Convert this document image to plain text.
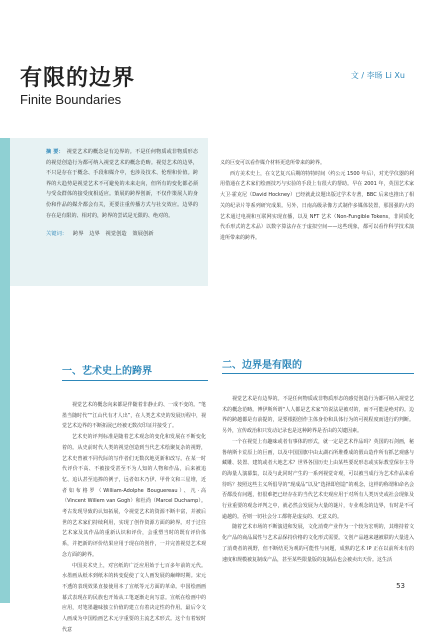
有限的边界	文 / 李旸 Li Xu
Finite Boundaries
摘 要： 视觉艺术的概念是有边界的。不是任何物质或非物质形态的视觉创造行为都可纳入视觉艺术的概念范畴。视觉艺术的边界，不只是存在于概念、手段和媒介中，也涉及技术、伦理和价值。跨界的大趋势是视觉艺术不可避免的未来走向，但所有的变化都必须与受众群体的接受度相适应。策展的跨界创新，不仅作策展人的身份和作品的媒介都会有关，更要注重传播方式与社交效应。边界的存在是有限的、相对的，跨界的尝试是无限的、绝对的。
关键词： 跨界 边界 视觉创造 策展创新

义的巨变可以看作媒介材料更迭所带来的跨界。

西方美术史上，在文艺复兴后期的特特时间（约公元 1500 年后），对光学仪器的利用借通在艺术家们绘画技巧与实验的手段上有很大的帮助。早在 2001 年，英国艺术家大卫·霍克尼（David Hockney）已经就此议题出版过学术专著，BBC 后来也推出了相关的纪录片等系列研究成果。另外，日南高级录像方式制作多媒体装置，那国强的大的艺术通过电视和互联网实现直播，以及 NFT 艺术（Non-Fungible Tokens，非同质化代币形式的艺术品）以数字算法存在于虚拟空间——这些现象，都可以看作科学技术演进所带来的跨界。

一、艺术史上的跨界
二、边界是有限的

视觉艺术的概念向来都是伴随着非静止的、一成不变的。“笔墨当随时代”“江山代有才人出”，在人类艺术史的发展历程中，视觉艺术边界的不断拓展已经被无数次印证并接受了。

艺术史的评判标准是随着艺术观念的变化和发展在不断变化着的。从史前时代人类的视觉创造到当代艺术绘聚复杂的视野，艺术史曾被不同代际的写作者们无数次地更新和改写。在某一时代评价不高、不被接受甚至不为人知的人物和作品，后来被追忆、追认甚至追捧的例子，远者如木乃伊、甲骨文和三星堆，近者如布格罗（William-Adolphe Bouguereau）、凡·高（Vincent Willem van Gogh）和杜尚（Marcel Duchamp）。考古发现导致的认知拓展，令视觉艺术的资源不断丰富，并被后世的艺术家们持续利用，实现了创作资源方面的跨界。对于过往艺术家及其作品的重新认识和评价，会重塑当时的既有评价体系，并把新的评价结果应用于现在的创作，一并完善视觉艺术观念方面的跨界。

中国美术史上，对宫纸的广泛应用始于七百多年前的元代。水墨画从纸本到纸本的转变促使了文人画发展的巅峰时期。宋元不透的表现效果直接使用本了宣纸等元方面的革命。中国绘画画幕式表现在的民族也开始从工笔逐渐走向写意。宣纸在绘画中的应用，对笔墨趣味独立价值的建立有着决定性的作用。最后令文人画成为中国绘画艺术元宇重要的主流艺术形式。这个有着较时代意

视觉艺术是有边界的。不是任何物质或非物质形态的感觉创造行为都可纳入视觉艺术的概念范畴。博伊斯所谓“人人都是艺术家”的说法是被对的，而不可能是绝对的。边界的跨越都是有前提的，是要根据创作主体身份和具体行为的可视程度而进行的判断。另外，宣传政治和只发动记录也是这种跨界是否由的关键因素。

一个在视觉上有趣味或者有事体的形式，就一定是艺术作品吗？英国的石剑画，秘鲁纳斯卡荒原上的巨画，以及中国国旗中由太湖石所堆叠成的假山造作所有抓艺观感与藏雕、装置、建筑或者大地艺术？世界各国历史上由某些要况形态或实际教堂保存主导的海量人演幕集，以及与此同时产生的一系列视觉奇观，可以被当成行为艺术作品来看待吗？按照这些主义所倡导的“现成品”以及“选择即创造”的观念，这样的称谓和命名会否都没有问题，但很难把已经存在的当代艺术史观应用于对所有人类历史或社会现象及行业重要的观念评判之中，就必然会发展为大量的谜片，专业观念的边界，有时是不可逾越的。否则一切社会分工都将是虚妄的、无意义的。

随着艺术市场的不断演进和发展，文化消费产业作为一个较为宏明的，其维持着文化产品的商品属性与艺术品保持价格的文化形式需要。文创产品越来越被联的大量进入了消费者的视野，但不断结更为观的可能性与问题，成熟的艺术 IP 正在以前所未有的速度和规模被复制成产品，甚至某些限量版的复制品也会被卖出天价。这生活

53
